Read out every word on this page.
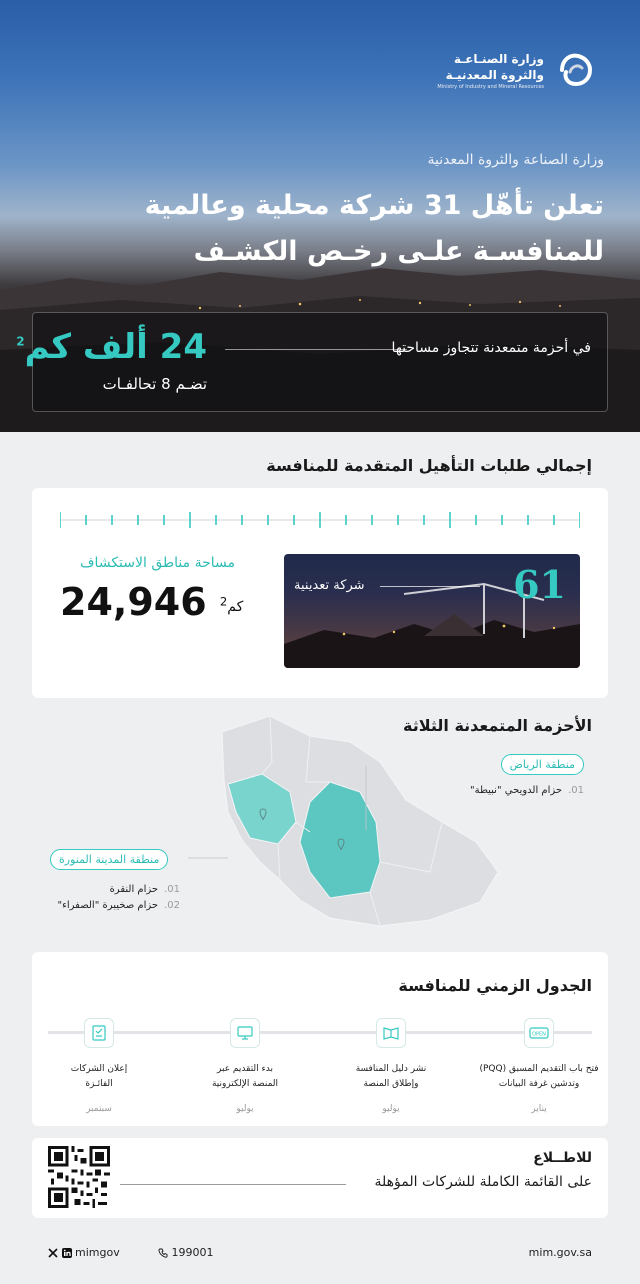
وزارة الصنـاعـة
والثروة المعدنيـة
Ministry of Industry and Mineral Resources
وزارة الصناعة والثروة المعدنية
تعلن تأهّل 31 شركة محلية وعالمية
للمنافسـة علـى رخـص الكشـف
24 ألف كم$^2$	في أحزمة متمعدنة تتجاوز مساحتها
تضـم 8 تحالفـات
إجمالي طلبات التأهيل المتقدمة للمنافسة
مساحة مناطق الاستكشاف
24,946 كم$^2$	61
شركة تعدينية
الأحزمة المتمعدنة الثلاثة
منطقة الرياض
01.حزام الدويحي "نبيطة"
منطقة المدينة المنورة
01.حزام النقرة
02.حزام صخيبرة "الصفراء"
الجدول الزمني للمنافسة
OPEN
فتح باب التقديم المسبق (PQQ)
وتدشين غرفة البيانات
نشر دليل المنافسة
وإطلاق المنصة
بدء التقديم عبر
المنصة الإلكترونية
إعلان الشركات
الفائـزة
يناير
يوليو
يوليو
سبتمبر
للاطــلاع
على القائمة الكاملة للشركات المؤهلة
mimgov	199001	mim.gov.sa
